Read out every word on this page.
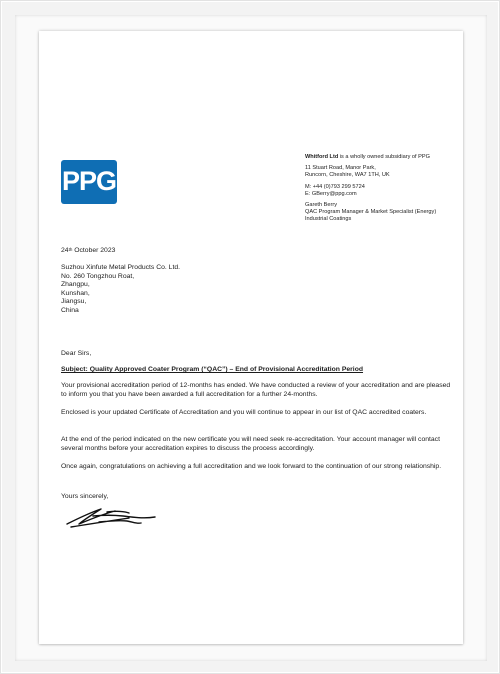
PPG
Whitford Ltd is a wholly owned subsidiary of PPG
11 Stuart Road, Manor Park,
Runcorn, Cheshire, WA7 1TH, UK
M: +44 (0)793 299 5724
E: GBerry@ppg.com
Gareth Berry
QAC Program Manager & Market Specialist (Energy)
Industrial Coatings
24th October 2023
Suzhou Xinfute Metal Products Co. Ltd.
No. 260 Tongzhou Roat,
Zhangpu,
Kunshan,
Jiangsu,
China
Dear Sirs,
Subject: Quality Approved Coater Program (“QAC”) – End of Provisional Accreditation Period
Your provisional accreditation period of 12-months has ended. We have conducted a review of your accreditation and are pleased to inform you that you have been awarded a full accreditation for a further 24-months.
Enclosed is your updated Certificate of Accreditation and you will continue to appear in our list of QAC accredited coaters.
At the end of the period indicated on the new certificate you will need seek re-accreditation. Your account manager will contact several months before your accreditation expires to discuss the process accordingly.
Once again, congratulations on achieving a full accreditation and we look forward to the continuation of our strong relationship.
Yours sincerely,
